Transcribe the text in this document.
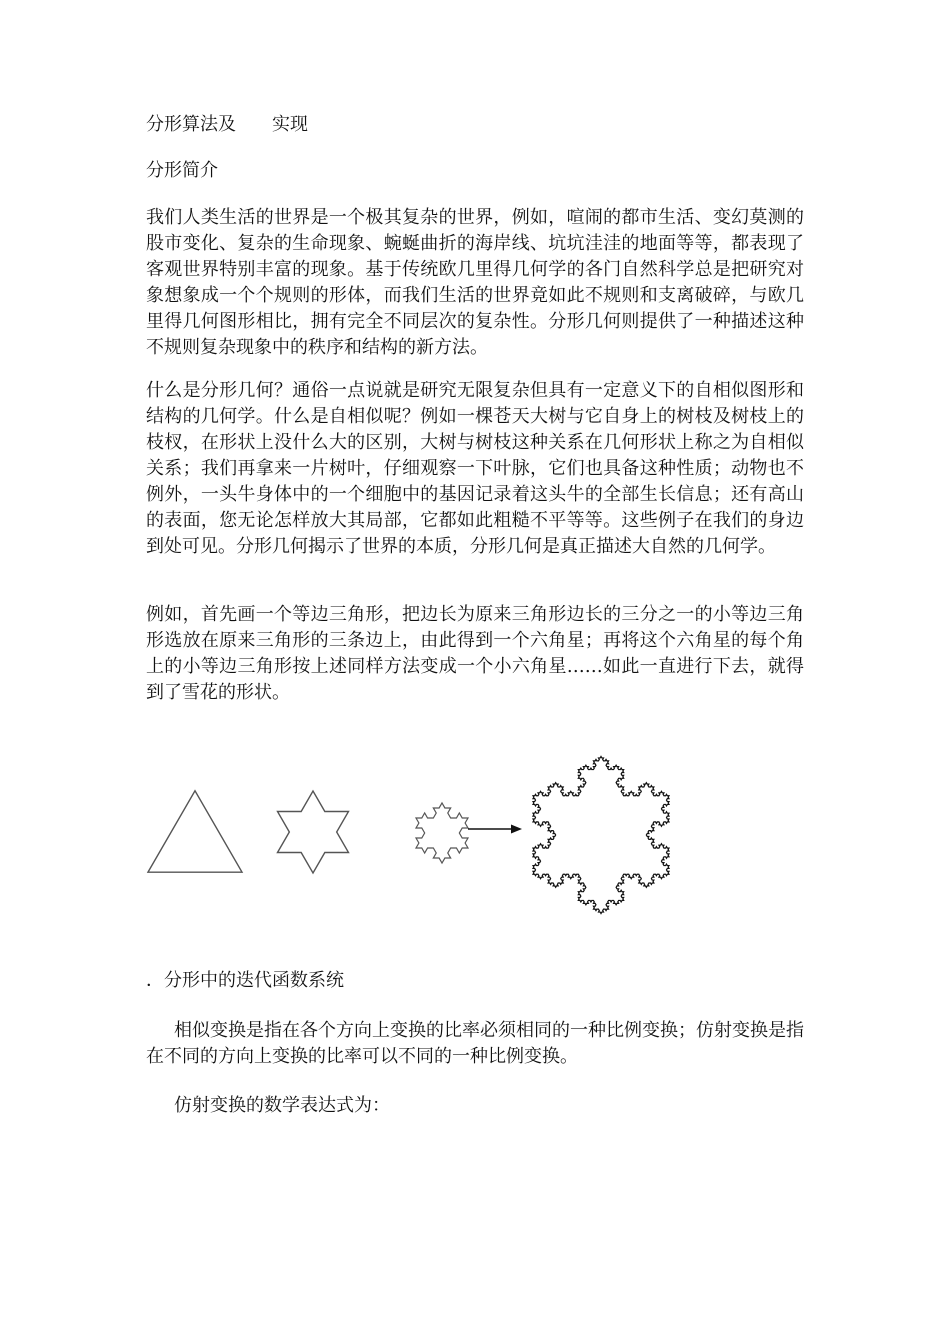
分形算法及　　实现
分形简介
我们人类生活的世界是一个极其复杂的世界，例如，喧闹的都市生活、变幻莫测的股市变化、复杂的生命现象、蜿蜒曲折的海岸线、坑坑洼洼的地面等等，都表现了客观世界特别丰富的现象。基于传统欧几里得几何学的各门自然科学总是把研究对象想象成一个个规则的形体，而我们生活的世界竟如此不规则和支离破碎，与欧几里得几何图形相比，拥有完全不同层次的复杂性。分形几何则提供了一种描述这种不规则复杂现象中的秩序和结构的新方法。
什么是分形几何？通俗一点说就是研究无限复杂但具有一定意义下的自相似图形和结构的几何学。什么是自相似呢？例如一棵苍天大树与它自身上的树枝及树枝上的枝杈，在形状上没什么大的区别，大树与树枝这种关系在几何形状上称之为自相似关系；我们再拿来一片树叶，仔细观察一下叶脉，它们也具备这种性质；动物也不例外，一头牛身体中的一个细胞中的基因记录着这头牛的全部生长信息；还有高山的表面，您无论怎样放大其局部，它都如此粗糙不平等等。这些例子在我们的身边到处可见。分形几何揭示了世界的本质，分形几何是真正描述大自然的几何学。
例如，首先画一个等边三角形，把边长为原来三角形边长的三分之一的小等边三角形选放在原来三角形的三条边上，由此得到一个六角星；再将这个六角星的每个角上的小等边三角形按上述同样方法变成一个小六角星……如此一直进行下去，就得到了雪花的形状。
．分形中的迭代函数系统
相似变换是指在各个方向上变换的比率必须相同的一种比例变换；仿射变换是指在不同的方向上变换的比率可以不同的一种比例变换。
仿射变换的数学表达式为：
